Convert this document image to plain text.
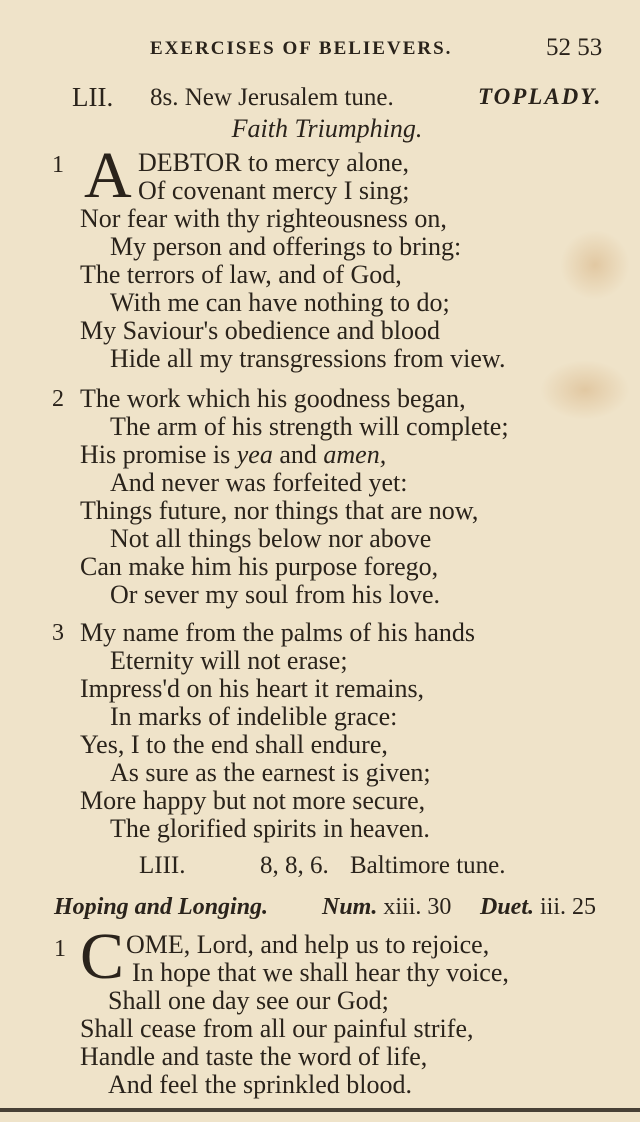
EXERCISES OF BELIEVERS.	52 53
LII. 8s. New Jerusalem tune.	TOPLADY.
Faith Triumphing.
1 A DEBTOR to mercy alone,
Of covenant mercy I sing;
Nor fear with thy righteousness on,
My person and offerings to bring:
The terrors of law, and of God,
With me can have nothing to do;
My Saviour's obedience and blood
Hide all my transgressions from view.
2 The work which his goodness began,
The arm of his strength will complete;
His promise is yea and amen,
And never was forfeited yet:
Things future, nor things that are now,
Not all things below nor above
Can make him his purpose forego,
Or sever my soul from his love.
3 My name from the palms of his hands
Eternity will not erase;
Impress'd on his heart it remains,
In marks of indelible grace:
Yes, I to the end shall endure,
As sure as the earnest is given;
More happy but not more secure,
The glorified spirits in heaven.
LIII.	8, 8, 6. Baltimore tune.
Hoping and Longing. Num. xiii. 30 Duet. iii. 25
1 C OME, Lord, and help us to rejoice,
In hope that we shall hear thy voice,
Shall one day see our God;
Shall cease from all our painful strife,
Handle and taste the word of life,
And feel the sprinkled blood.
